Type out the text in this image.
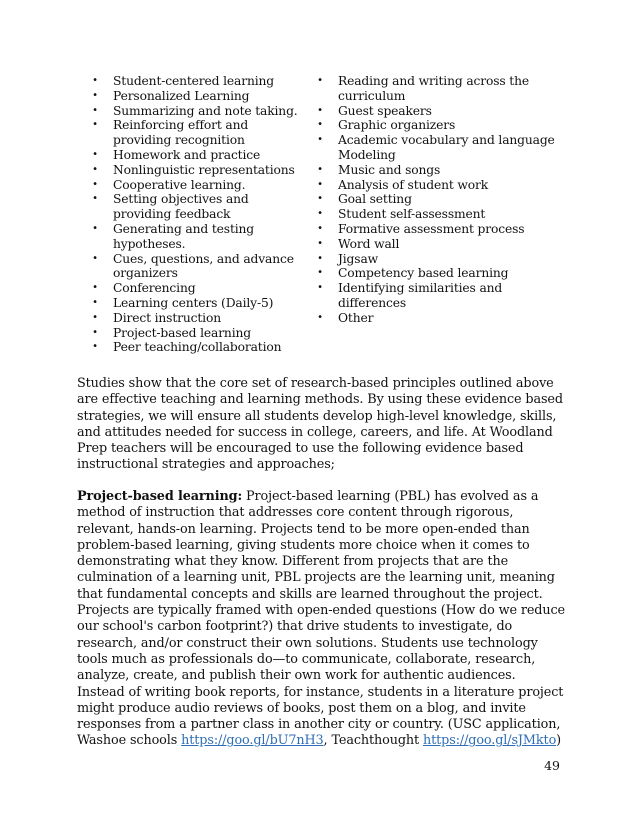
• Student-centered learning
• Personalized Learning
• Summarizing and note taking.
• Reinforcing effort and providing recognition
• Homework and practice
• Nonlinguistic representations
• Cooperative learning.
• Setting objectives and providing feedback
• Generating and testing hypotheses.
• Cues, questions, and advance organizers
• Conferencing
• Learning centers (Daily-5)
• Direct instruction
• Project-based learning
• Peer teaching/collaboration
• Reading and writing across the curriculum
• Guest speakers
• Graphic organizers
• Academic vocabulary and language Modeling
• Music and songs
• Analysis of student work
• Goal setting
• Student self-assessment
• Formative assessment process
• Word wall
• Jigsaw
• Competency based learning
• Identifying similarities and differences
• Other

Studies show that the core set of research-based principles outlined above are effective teaching and learning methods. By using these evidence based strategies, we will ensure all students develop high-level knowledge, skills, and attitudes needed for success in college, careers, and life. At Woodland Prep teachers will be encouraged to use the following evidence based instructional strategies and approaches;

Project-based learning: Project-based learning (PBL) has evolved as a method of instruction that addresses core content through rigorous, relevant, hands-on learning. Projects tend to be more open-ended than problem-based learning, giving students more choice when it comes to demonstrating what they know. Different from projects that are the culmination of a learning unit, PBL projects are the learning unit, meaning that fundamental concepts and skills are learned throughout the project. Projects are typically framed with open-ended questions (How do we reduce our school's carbon footprint?) that drive students to investigate, do research, and/or construct their own solutions. Students use technology tools much as professionals do—to communicate, collaborate, research, analyze, create, and publish their own work for authentic audiences. Instead of writing book reports, for instance, students in a literature project might produce audio reviews of books, post them on a blog, and invite responses from a partner class in another city or country. (USC application, Washoe schools https://goo.gl/bU7nH3, Teachthought https://goo.gl/sJMkto)

49
